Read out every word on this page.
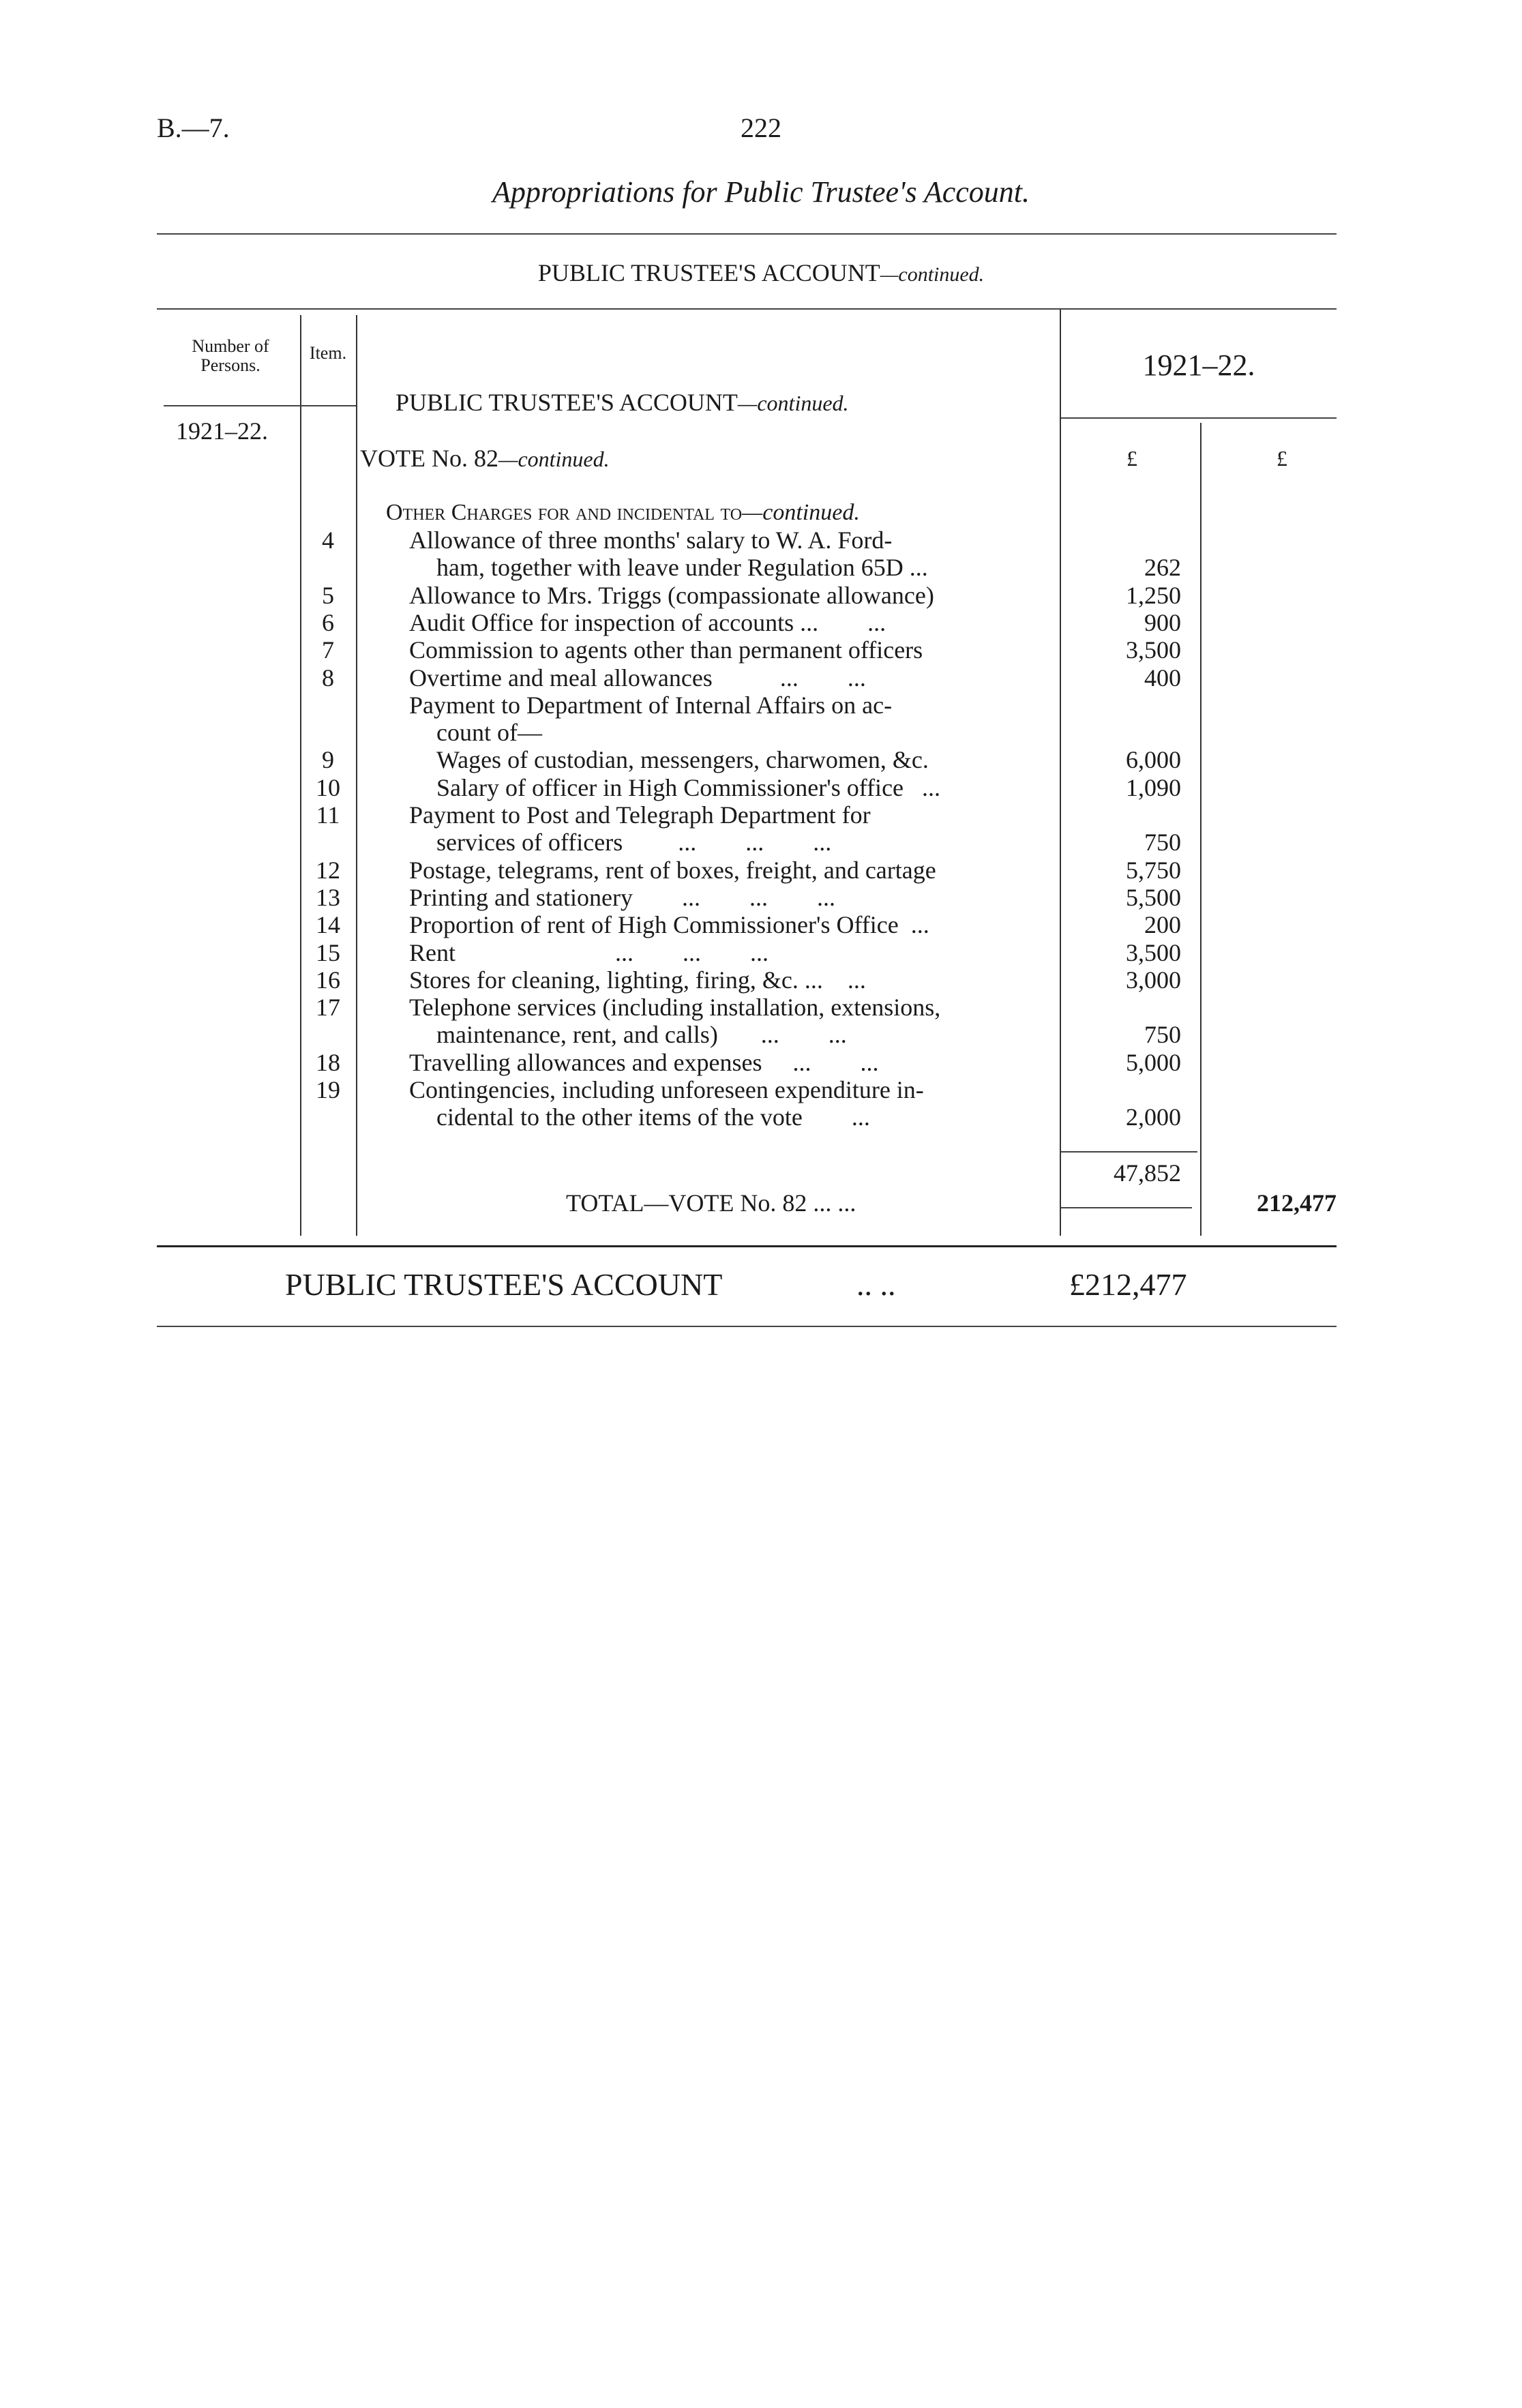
B.—7.	222
Appropriations for Public Trustee's Account.
PUBLIC TRUSTEE'S ACCOUNT—continued.
Number of Persons.
Item.
1921–22.
PUBLIC TRUSTEE'S ACCOUNT—continued.
VOTE No. 82—continued.
1921–22.
£	£
Other Charges for and incidental to—continued.
4	Allowance of three months' salary to W. A. Ford-
ham, together with leave under Regulation 65D ...	262
5	Allowance to Mrs. Triggs (compassionate allowance)	1,250
6	Audit Office for inspection of accounts ...        ...	900
7	Commission to agents other than permanent officers	3,500
8	Overtime and meal allowances           ...        ...	400
Payment to Department of Internal Affairs on ac-
count of—
9	Wages of custodian, messengers, charwomen, &c.	6,000
10	Salary of officer in High Commissioner's office   ...	1,090
11	Payment to Post and Telegraph Department for
services of officers         ...        ...        ...	750
12	Postage, telegrams, rent of boxes, freight, and cartage	5,750
13	Printing and stationery        ...        ...        ...	5,500
14	Proportion of rent of High Commissioner's Office  ...	200
15	Rent                          ...        ...        ...	3,500
16	Stores for cleaning, lighting, firing, &c. ...    ...	3,000
17	Telephone services (including installation, extensions,
maintenance, rent, and calls)       ...        ...	750
18	Travelling allowances and expenses     ...        ...	5,000
19	Contingencies, including unforeseen expenditure in-
cidental to the other items of the vote        ...	2,000
47,852
TOTAL—VOTE No. 82 ... ...	212,477
PUBLIC TRUSTEE'S ACCOUNT	.. ..	£212,477
